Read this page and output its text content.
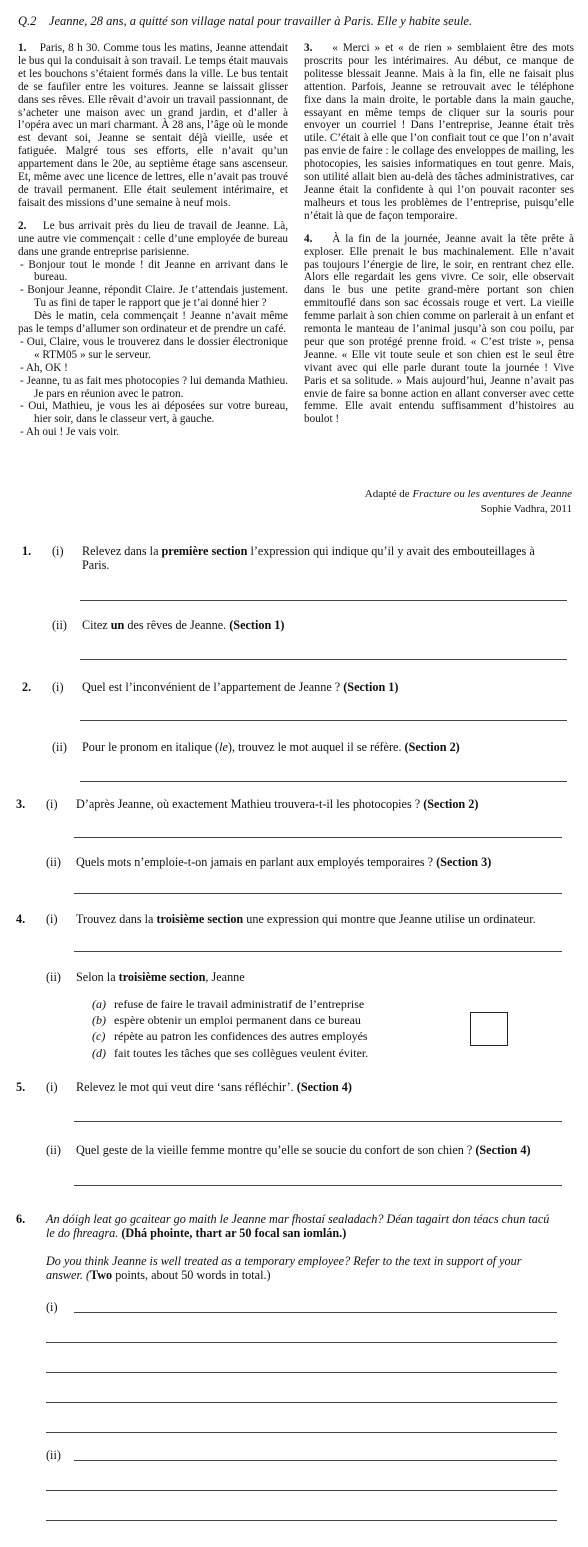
Q.2 Jeanne, 28 ans, a quitté son village natal pour travailler à Paris. Elle y habite seule.

1. Paris, 8 h 30. Comme tous les matins, Jeanne attendait le bus qui la conduisait à son travail. Le temps était mauvais et les bouchons s’étaient formés dans la ville. Le bus tentait de se faufiler entre les voitures. Jeanne se laissait glisser dans ses rêves. Elle rêvait d’avoir un travail passionnant, de s’acheter une maison avec un grand jardin, et d’aller à l’opéra avec un mari charmant. À 28 ans, l’âge où le monde est devant soi, Jeanne se sentait déjà vieille, usée et fatiguée. Malgré tous ses efforts, elle n’avait qu’un appartement dans le 20e, au septième étage sans ascenseur. Et, même avec une licence de lettres, elle n’avait pas trouvé de travail permanent. Elle était seulement intérimaire, et faisait des missions d’une semaine à neuf mois.

2. Le bus arrivait près du lieu de travail de Jeanne. Là, une autre vie commençait : celle d’une employée de bureau dans une grande entreprise parisienne.

- Bonjour tout le monde ! dit Jeanne en arrivant dans le bureau.

- Bonjour Jeanne, répondit Claire. Je t’attendais justement. Tu as fini de taper le rapport que je t’ai donné hier ?

Dès le matin, cela commençait ! Jeanne n’avait même pas le temps d’allumer son ordinateur et de prendre un café.

- Oui, Claire, vous le trouverez dans le dossier électronique « RTM05 » sur le serveur.

- Ah, OK !

- Jeanne, tu as fait mes photocopies ? lui demanda Mathieu. Je pars en réunion avec le patron.

- Oui, Mathieu, je vous les ai déposées sur votre bureau, hier soir, dans le classeur vert, à gauche.

- Ah oui ! Je vais voir.

3. « Merci » et « de rien » semblaient être des mots proscrits pour les intérimaires. Au début, ce manque de politesse blessait Jeanne. Mais à la fin, elle ne faisait plus attention. Parfois, Jeanne se retrouvait avec le téléphone fixe dans la main droite, le portable dans la main gauche, essayant en même temps de cliquer sur la souris pour envoyer un courriel ! Dans l’entreprise, Jeanne était très utile. C’était à elle que l’on confiait tout ce que l’on n’avait pas envie de faire : le collage des enveloppes de mailing, les photocopies, les saisies informatiques en tout genre. Mais, son utilité allait bien au-delà des tâches administratives, car Jeanne était la confidente à qui l’on pouvait raconter ses malheurs et tous les problèmes de l’entreprise, puisqu’elle n’était là que de façon temporaire.

4. À la fin de la journée, Jeanne avait la tête prête à exploser. Elle prenait le bus machinalement. Elle n’avait pas toujours l’énergie de lire, le soir, en rentrant chez elle. Alors elle regardait les gens vivre. Ce soir, elle observait dans le bus une petite grand-mère portant son chien emmitouflé dans son sac écossais rouge et vert. La vieille femme parlait à son chien comme on parlerait à un enfant et remonta le manteau de l’animal jusqu’à son cou poilu, par peur que son protégé prenne froid. « C’est triste », pensa Jeanne. « Elle vit toute seule et son chien est le seul être vivant avec qui elle parle durant toute la journée ! Vive Paris et sa solitude. » Mais aujourd’hui, Jeanne n’avait pas envie de faire sa bonne action en allant converser avec cette femme. Elle avait entendu suffisamment d’histoires au boulot !

Adapté de Fracture ou les aventures de Jeanne
Sophie Vadhra, 2011
1. (i) Relevez dans la première section l’expression qui indique qu’il y avait des embouteillages à Paris.
(ii) Citez un des rêves de Jeanne. (Section 1)
2. (i) Quel est l’inconvénient de l’appartement de Jeanne ? (Section 1)
(ii) Pour le pronom en italique (le), trouvez le mot auquel il se réfère. (Section 2)
3. (i) D’après Jeanne, où exactement Mathieu trouvera-t-il les photocopies ? (Section 2)
(ii) Quels mots n’emploie-t-on jamais en parlant aux employés temporaires ? (Section 3)
4. (i) Trouvez dans la troisième section une expression qui montre que Jeanne utilise un ordinateur.
(ii) Selon la troisième section, Jeanne
(a) refuse de faire le travail administratif de l’entreprise
(b) espère obtenir un emploi permanent dans ce bureau
(c) répète au patron les confidences des autres employés
(d) fait toutes les tâches que ses collègues veulent éviter.
5. (i) Relevez le mot qui veut dire ‘sans réfléchir’. (Section 4)
(ii) Quel geste de la vieille femme montre qu’elle se soucie du confort de son chien ? (Section 4)
6. An dóigh leat go gcaitear go maith le Jeanne mar fhostaí sealadach? Déan tagairt don téacs chun tacú le do fhreagra. (Dhá phointe, thart ar 50 focal san iomlán.)
Do you think Jeanne is well treated as a temporary employee? Refer to the text in support of your answer. (Two points, about 50 words in total.)
(i)
(ii)
